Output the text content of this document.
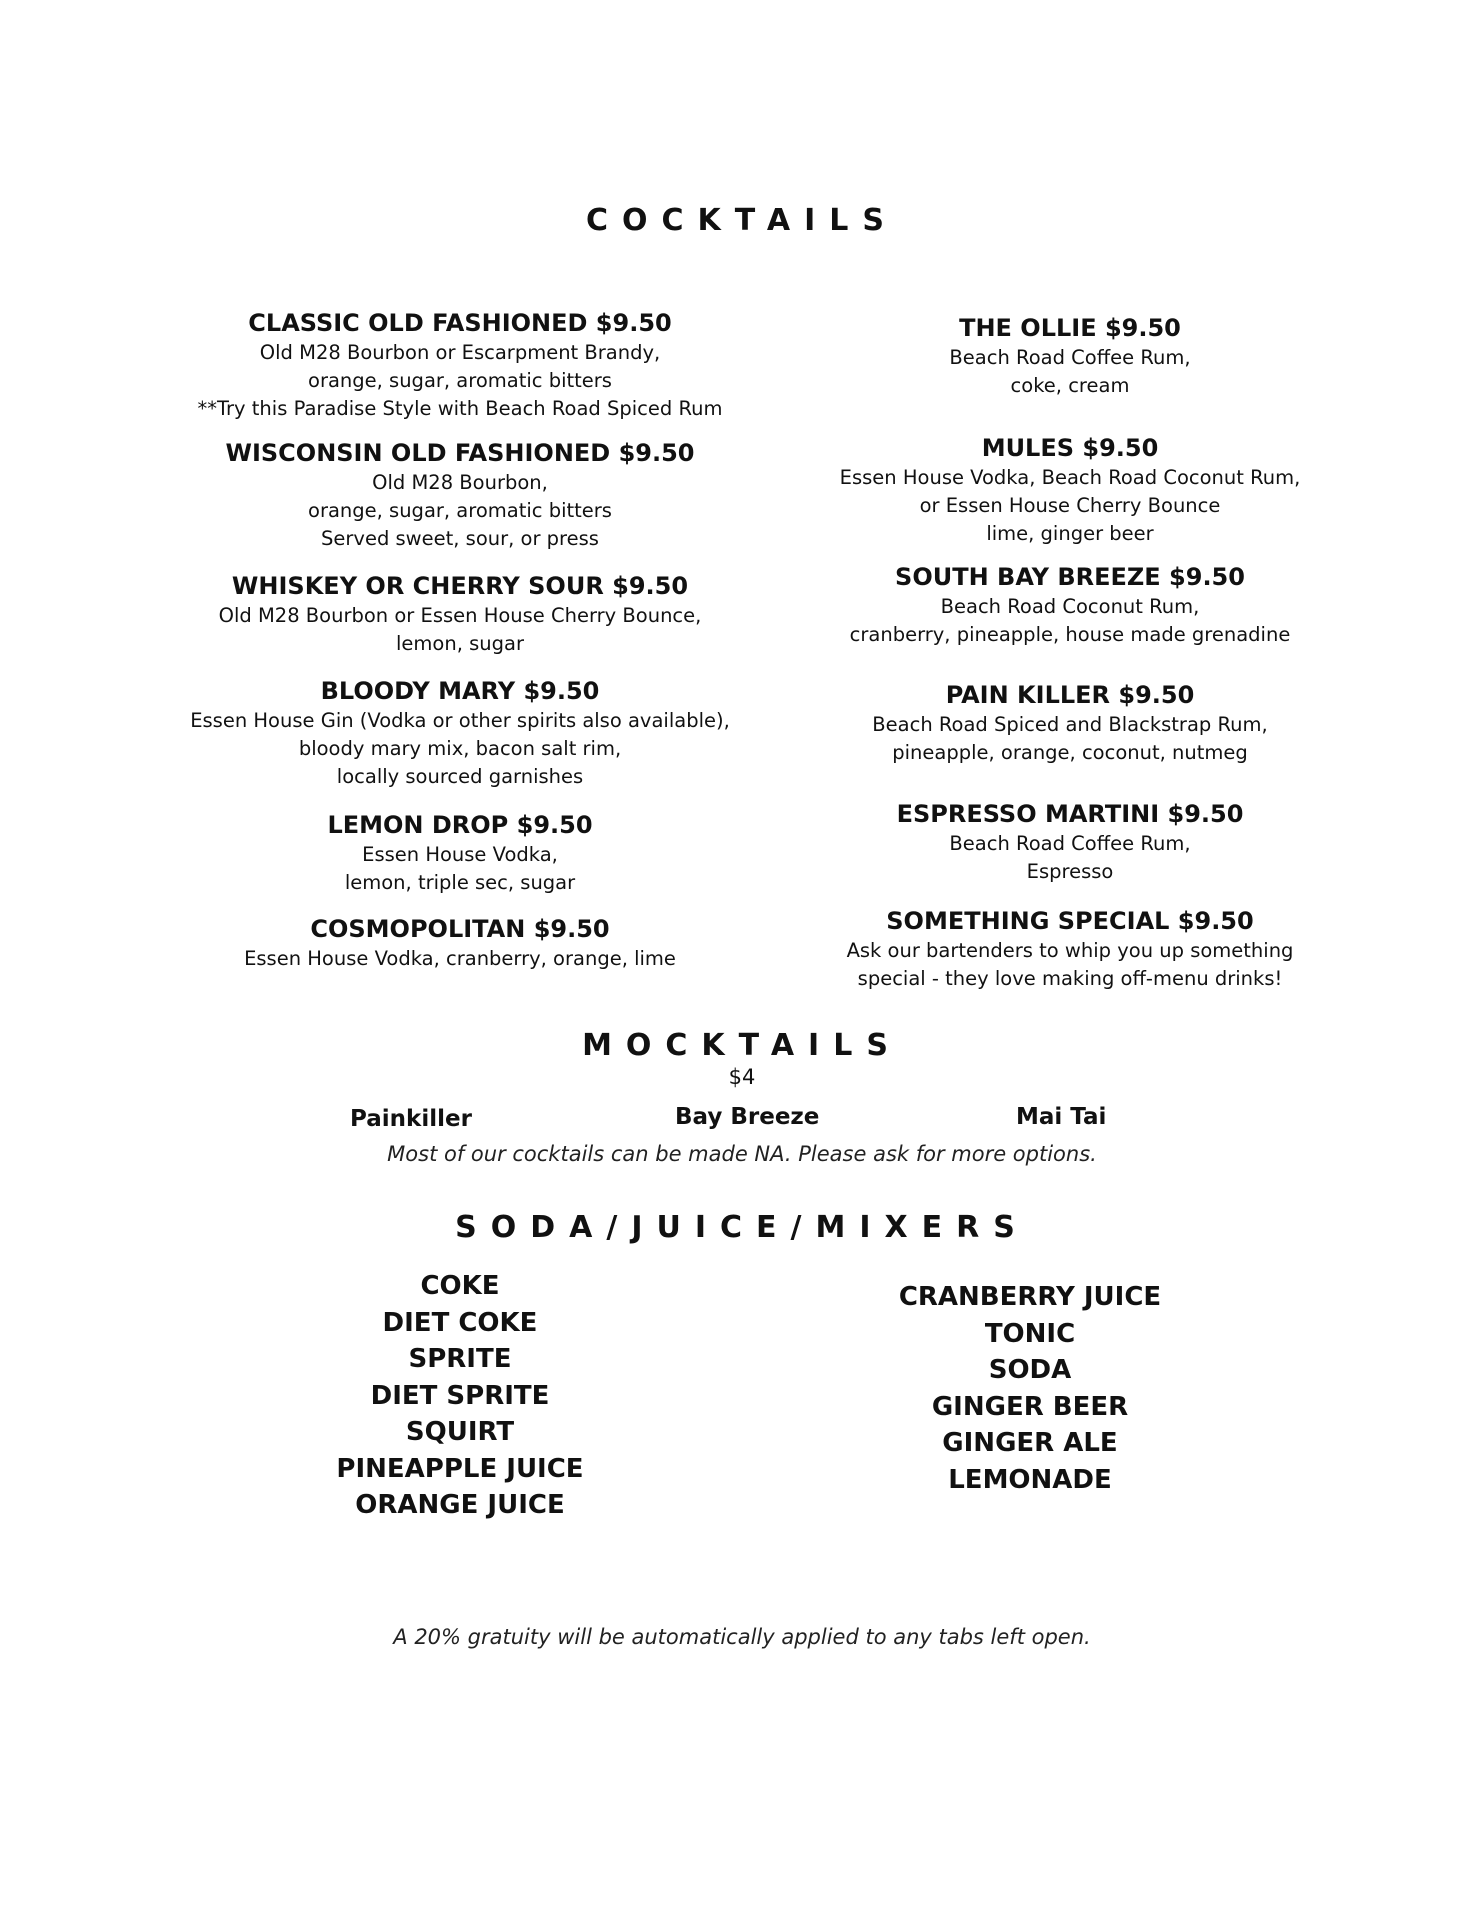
COCKTAILS
CLASSIC OLD FASHIONED $9.50
Old M28 Bourbon or Escarpment Brandy,
orange, sugar, aromatic bitters
**Try this Paradise Style with Beach Road Spiced Rum
WISCONSIN OLD FASHIONED $9.50
Old M28 Bourbon,
orange, sugar, aromatic bitters
Served sweet, sour, or press
WHISKEY OR CHERRY SOUR $9.50
Old M28 Bourbon or Essen House Cherry Bounce,
lemon, sugar
BLOODY MARY $9.50
Essen House Gin (Vodka or other spirits also available),
bloody mary mix, bacon salt rim,
locally sourced garnishes
LEMON DROP $9.50
Essen House Vodka,
lemon, triple sec, sugar
COSMOPOLITAN $9.50
Essen House Vodka, cranberry, orange, lime
THE OLLIE $9.50
Beach Road Coffee Rum,
coke, cream
MULES $9.50
Essen House Vodka, Beach Road Coconut Rum,
or Essen House Cherry Bounce
lime, ginger beer
SOUTH BAY BREEZE $9.50
Beach Road Coconut Rum,
cranberry, pineapple, house made grenadine
PAIN KILLER $9.50
Beach Road Spiced and Blackstrap Rum,
pineapple, orange, coconut, nutmeg
ESPRESSO MARTINI $9.50
Beach Road Coffee Rum,
Espresso
SOMETHING SPECIAL $9.50
Ask our bartenders to whip you up something
special - they love making off-menu drinks!
MOCKTAILS
$4
Painkiller	Bay Breeze	Mai Tai
Most of our cocktails can be made NA. Please ask for more options.
SODA/JUICE/MIXERS
COKE
DIET COKE
SPRITE
DIET SPRITE
SQUIRT
PINEAPPLE JUICE
ORANGE JUICE
CRANBERRY JUICE
TONIC
SODA
GINGER BEER
GINGER ALE
LEMONADE
A 20% gratuity will be automatically applied to any tabs left open.
